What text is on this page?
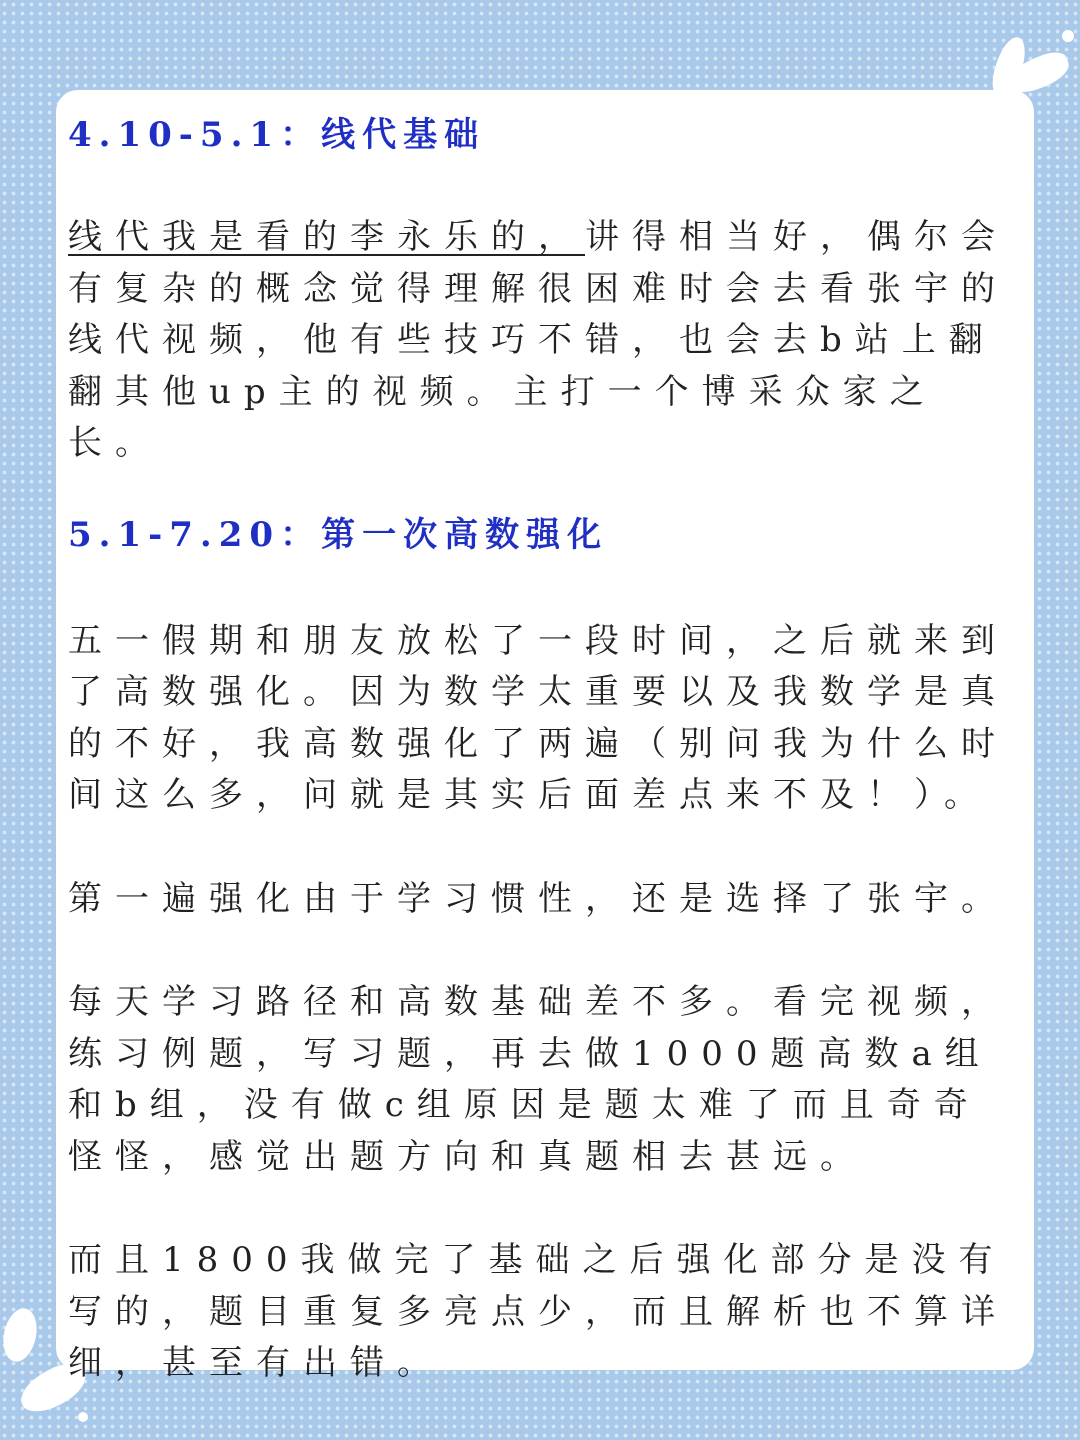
4.10-5.1：线代基础

线代我是看的李永乐的，讲得相当好，偶尔会有复杂的概念觉得理解很困难时会去看张宇的线代视频，他有些技巧不错，也会去b站上翻翻其他up主的视频。主打一个博采众家之长。

5.1-7.20：第一次高数强化

五一假期和朋友放松了一段时间，之后就来到了高数强化。因为数学太重要以及我数学是真的不好，我高数强化了两遍（别问我为什么时间这么多，问就是其实后面差点来不及！）。

第一遍强化由于学习惯性，还是选择了张宇。

每天学习路径和高数基础差不多。看完视频，练习例题，写习题，再去做1000题高数a组和b组，没有做c组原因是题太难了而且奇奇怪怪，感觉出题方向和真题相去甚远。

而且1800我做完了基础之后强化部分是没有写的，题目重复多亮点少，而且解析也不算详细，甚至有出错。
